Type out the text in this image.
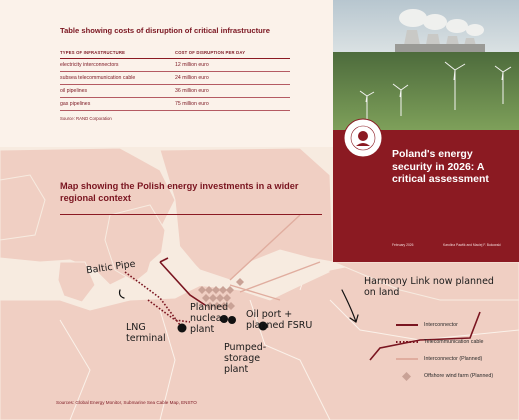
Table showing costs of disruption of critical infrastructure
TYPES OF INFRASTRUCTURE	COST OF DISRUPTION PER DAY
electricity interconnectors	12 million euro
subsea telecommunication cable	24 million euro
oil pipelines	36 million euro
gas pipelines	75 million euro
Source: RAND Corporation
Poland's energy security in 2026: A critical assessment
February 2026	Karolina Pawlik and Maciej F. Bukowski
Map showing the Polish energy investments in a wider regional context
Baltic Pipe
LNG terminal
Planned nuclear plant
Pumped-storage plant
Oil port + planned FSRU
Harmony Link now planned on land
Interconnector
Telecommunication cable
Interconnector (Planned)
Offshore wind farm (Planned)
Sources: Global Energy Monitor, Submarine Sea Cable Map, ENSTO
